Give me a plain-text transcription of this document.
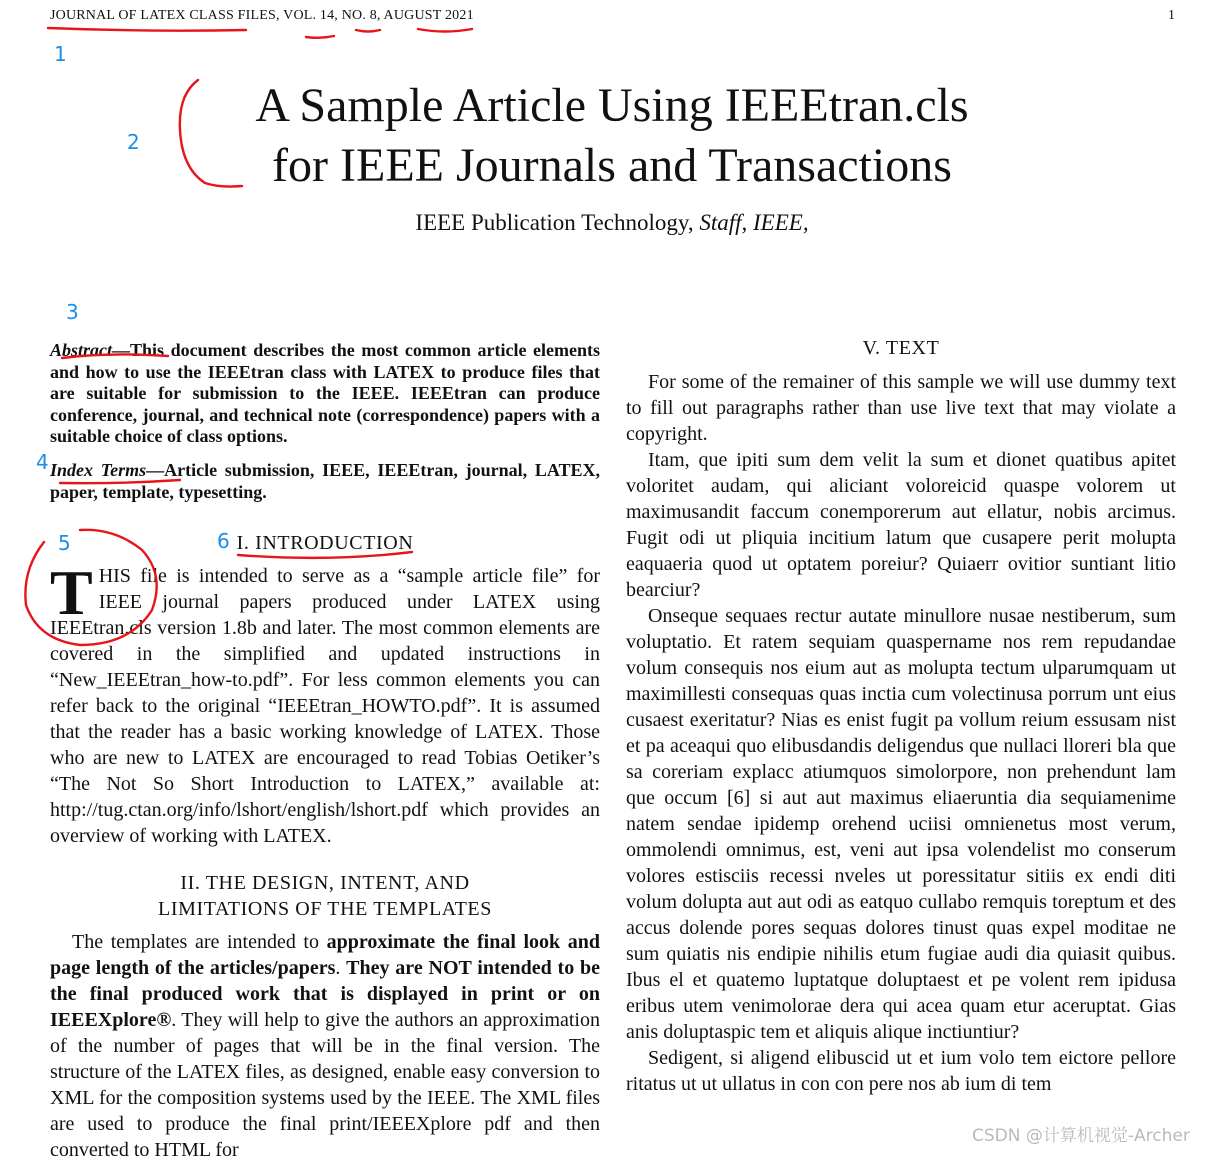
JOURNAL OF LATEX CLASS FILES, VOL. 14, NO. 8, AUGUST 2021	1
A Sample Article Using IEEEtran.cls
for IEEE Journals and Transactions
IEEE Publication Technology, Staff, IEEE,
Abstract—This document describes the most common article elements and how to use the IEEEtran class with LATEX to produce files that are suitable for submission to the IEEE. IEEEtran can produce conference, journal, and technical note (correspondence) papers with a suitable choice of class options.
Index Terms—Article submission, IEEE, IEEEtran, journal, LATEX, paper, template, typesetting.
I. INTRODUCTION

THIS file is intended to serve as a “sample article file” for IEEE journal papers produced under LATEX using IEEEtran.cls version 1.8b and later. The most common elements are covered in the simplified and updated instructions in “New_IEEEtran_how-to.pdf”. For less common elements you can refer back to the original “IEEEtran_HOWTO.pdf”. It is assumed that the reader has a basic working knowledge of LATEX. Those who are new to LATEX are encouraged to read Tobias Oetiker’s “The Not So Short Introduction to LATEX,” available at: http://tug.ctan.org/info/lshort/english/lshort.pdf which provides an overview of working with LATEX.

II. THE DESIGN, INTENT, AND
LIMITATIONS OF THE TEMPLATES

The templates are intended to approximate the final look and page length of the articles/papers. They are NOT intended to be the final produced work that is displayed in print or on IEEEXplore®. They will help to give the authors an approximation of the number of pages that will be in the final version. The structure of the LATEX files, as designed, enable easy conversion to XML for the composition systems used by the IEEE. The XML files are used to produce the final print/IEEEXplore pdf and then converted to HTML for

V. TEXT

For some of the remainer of this sample we will use dummy text to fill out paragraphs rather than use live text that may violate a copyright.

Itam, que ipiti sum dem velit la sum et dionet quatibus apitet voloritet audam, qui aliciant voloreicid quaspe volorem ut maximusandit faccum conemporerum aut ellatur, nobis arcimus. Fugit odi ut pliquia incitium latum que cusapere perit molupta eaquaeria quod ut optatem poreiur? Quiaerr ovitior suntiant litio bearciur?

Onseque sequaes rectur autate minullore nusae nestiberum, sum voluptatio. Et ratem sequiam quaspername nos rem repudandae volum consequis nos eium aut as molupta tectum ulparumquam ut maximillesti consequas quas inctia cum volectinusa porrum unt eius cusaest exeritatur? Nias es enist fugit pa vollum reium essusam nist et pa aceaqui quo elibusdandis deligendus que nullaci lloreri bla que sa coreriam explacc atiumquos simolorpore, non prehendunt lam que occum [6] si aut aut maximus eliaeruntia dia sequiamenime natem sendae ipidemp orehend uciisi omnienetus most verum, ommolendi omnimus, est, veni aut ipsa volendelist mo conserum volores estisciis recessi nveles ut poressitatur sitiis ex endi diti volum dolupta aut aut odi as eatquo cullabo remquis toreptum et des accus dolende pores sequas dolores tinust quas expel moditae ne sum quiatis nis endipie nihilis etum fugiae audi dia quiasit quibus. Ibus el et quatemo luptatque doluptaest et pe volent rem ipidusa eribus utem venimolorae dera qui acea quam etur aceruptat. Gias anis doluptaspic tem et aliquis alique inctiuntiur?

Sedigent, si aligend elibuscid ut et ium volo tem eictore pellore ritatus ut ut ullatus in con con pere nos ab ium di tem

1
2
3
4
5	6
CSDN @计算机视觉-Archer
